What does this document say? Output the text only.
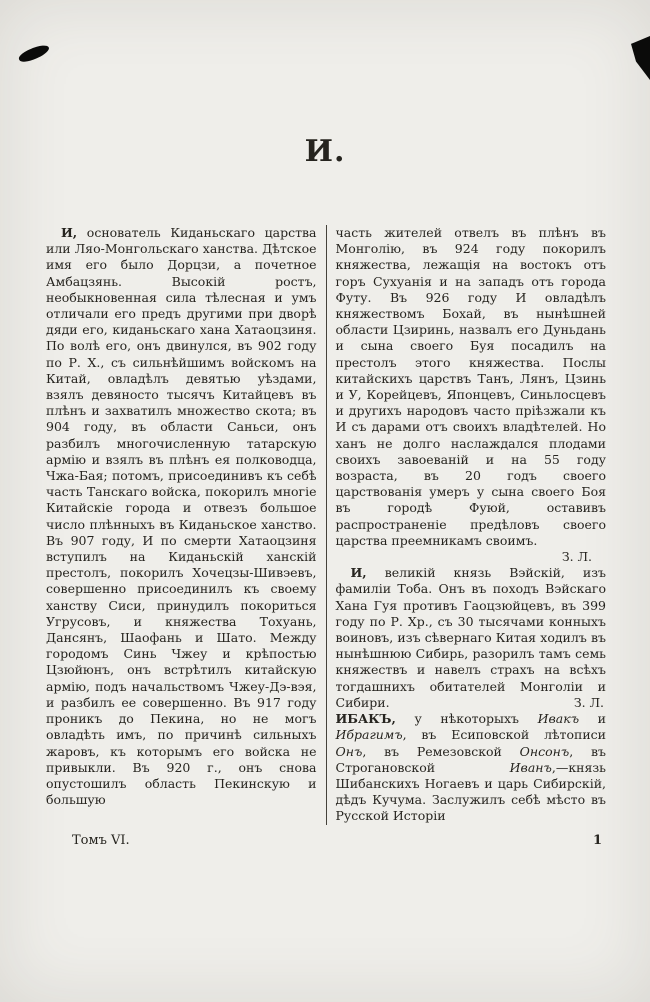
И.

И, основатель Киданьскаго царства или Ляо-Монгольскаго ханства. Дѣтское имя его было Дорцзи, а почетное Амбацзянь. Высокій ростъ, необыкновенная сила тѣлесная и умъ отличали его предъ другими при дворѣ дяди его, киданьскаго хана Хатаоцзиня. По волѣ его, онъ двинулся, въ 902 году по Р. Х., съ сильнѣйшимъ войскомъ на Китай, овладѣлъ девятью уѣздами, взялъ девяносто тысячъ Китайцевъ въ плѣнъ и захватилъ множество скота; въ 904 году, въ области Саньси, онъ разбилъ многочисленную татарскую армію и взялъ въ плѣнъ ея полководца, Чжа-Бая; потомъ, присоединивъ къ себѣ часть Танскаго войска, покорилъ многіе Китайскіе города и отвезъ большое число плѣнныхъ въ Киданьское ханство. Въ 907 году, И по смерти Хатаоцзиня вступилъ на Киданьскій ханскій престолъ, покорилъ Хочецзы-Шивэевъ, совершенно присоединилъ къ своему ханству Сиси, принудилъ покориться Угрусовъ, и княжества Тохуань, Дансянъ, Шаофань и Шато. Между городомъ Синь Чжеу и крѣпостью Цзюйюнъ, онъ встрѣтилъ китайскую армію, подъ начальствомъ Чжеу-Дэ-вэя, и разбилъ ее совершенно. Въ 917 году проникъ до Пекина, но не могъ овладѣть имъ, по причинѣ сильныхъ жаровъ, къ которымъ его войска не привыкли. Въ 920 г., онъ снова опустошилъ область Пекинскую и большую

часть жителей отвелъ въ плѣнъ въ Монголію, въ 924 году покорилъ княжества, лежащія на востокъ отъ горъ Сухуанія и на западъ отъ города Футу. Въ 926 году И овладѣлъ княжествомъ Бохай, въ нынѣшней области Цзиринь, назвалъ его Дуньдань и сына своего Буя посадилъ на престолъ этого княжества. Послы китайскихъ царствъ Танъ, Лянъ, Цзинь и У, Корейцевъ, Японцевъ, Синьлосцевъ и другихъ народовъ часто пріѣзжали къ И съ дарами отъ своихъ владѣтелей. Но ханъ не долго наслаждался плодами своихъ завоеваній и на 55 году возраста, въ 20 годъ своего царствованія умеръ у сына своего Боя въ городѣ Фуюй, оставивъ распространеніе предѣловъ своего царства преемникамъ своимъ.

З. Л.

И, великій князь Вэйскій, изъ фамиліи Тоба. Онъ въ походъ Вэйскаго Хана Гуя противъ Гаоцзюйцевъ, въ 399 году по Р. Хр., съ 30 тысячами конныхъ воиновъ, изъ сѣвернаго Китая ходилъ въ нынѣшнюю Сибирь, разорилъ тамъ семь княжествъ и навелъ страхъ на всѣхъ тогдашнихъ обитателей Монголіи и Сибири.	З. Л.

ИБАКЪ, у нѣкоторыхъ Ивакъ и Ибрагимъ, въ Есиповской лѣтописи Онъ, въ Ремезовской Онсонъ, въ Строгановской Иванъ,—князь Шибанскихъ Ногаевъ и царь Сибирскій, дѣдъ Кучума. Заслужилъ себѣ мѣсто въ Русской Исторіи

Томъ VI.	1
